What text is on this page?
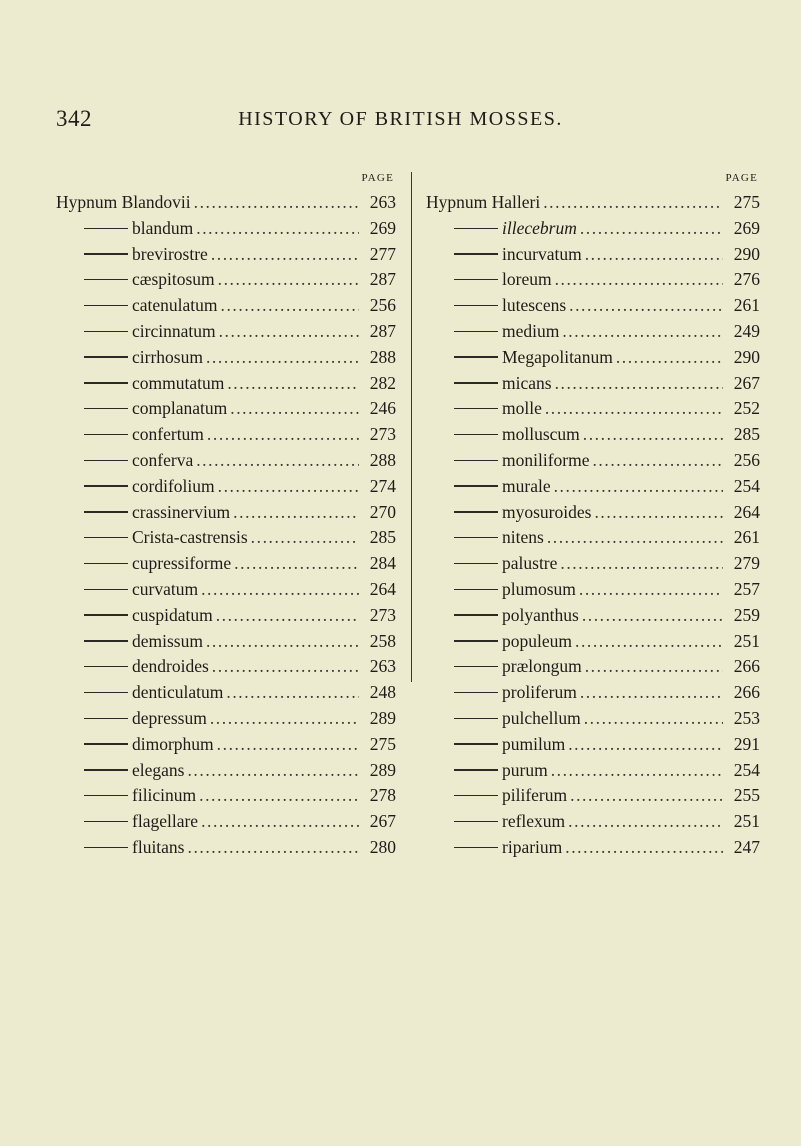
342	HISTORY OF BRITISH MOSSES.
PAGE
Hypnum Blandovii . . .	263
blandum . . .	269
brevirostre . . .	277
cæspitosum . . .	287
catenulatum . . .	256
circinnatum . . .	287
cirrhosum . . .	288
commutatum . . .	282
complanatum . . .	246
confertum . . .	273
conferva . . .	288
cordifolium . . .	274
crassinervium . . .	270
Crista-castrensis . . .	285
cupressiforme . . .	284
curvatum . . .	264
cuspidatum . . .	273
demissum . . .	258
dendroides . . .	263
denticulatum . . .	248
depressum . . .	289
dimorphum . . .	275
elegans . . .	289
filicinum . . .	278
flagellare . . .	267
fluitans . . .	280
PAGE
Hypnum Halleri . . .	275
illecebrum . . .	269
incurvatum . . .	290
loreum . . .	276
lutescens . . .	261
medium . . .	249
Megapolitanum . . .	290
micans . . .	267
molle . . .	252
molluscum . . .	285
moniliforme . . .	256
murale . . .	254
myosuroides . . .	264
nitens . . .	261
palustre . . .	279
plumosum . . .	257
polyanthus . . .	259
populeum . . .	251
prælongum . . .	266
proliferum . . .	266
pulchellum . . .	253
pumilum . . .	291
purum . . .	254
piliferum . . .	255
reflexum . . .	251
riparium . . .	247
